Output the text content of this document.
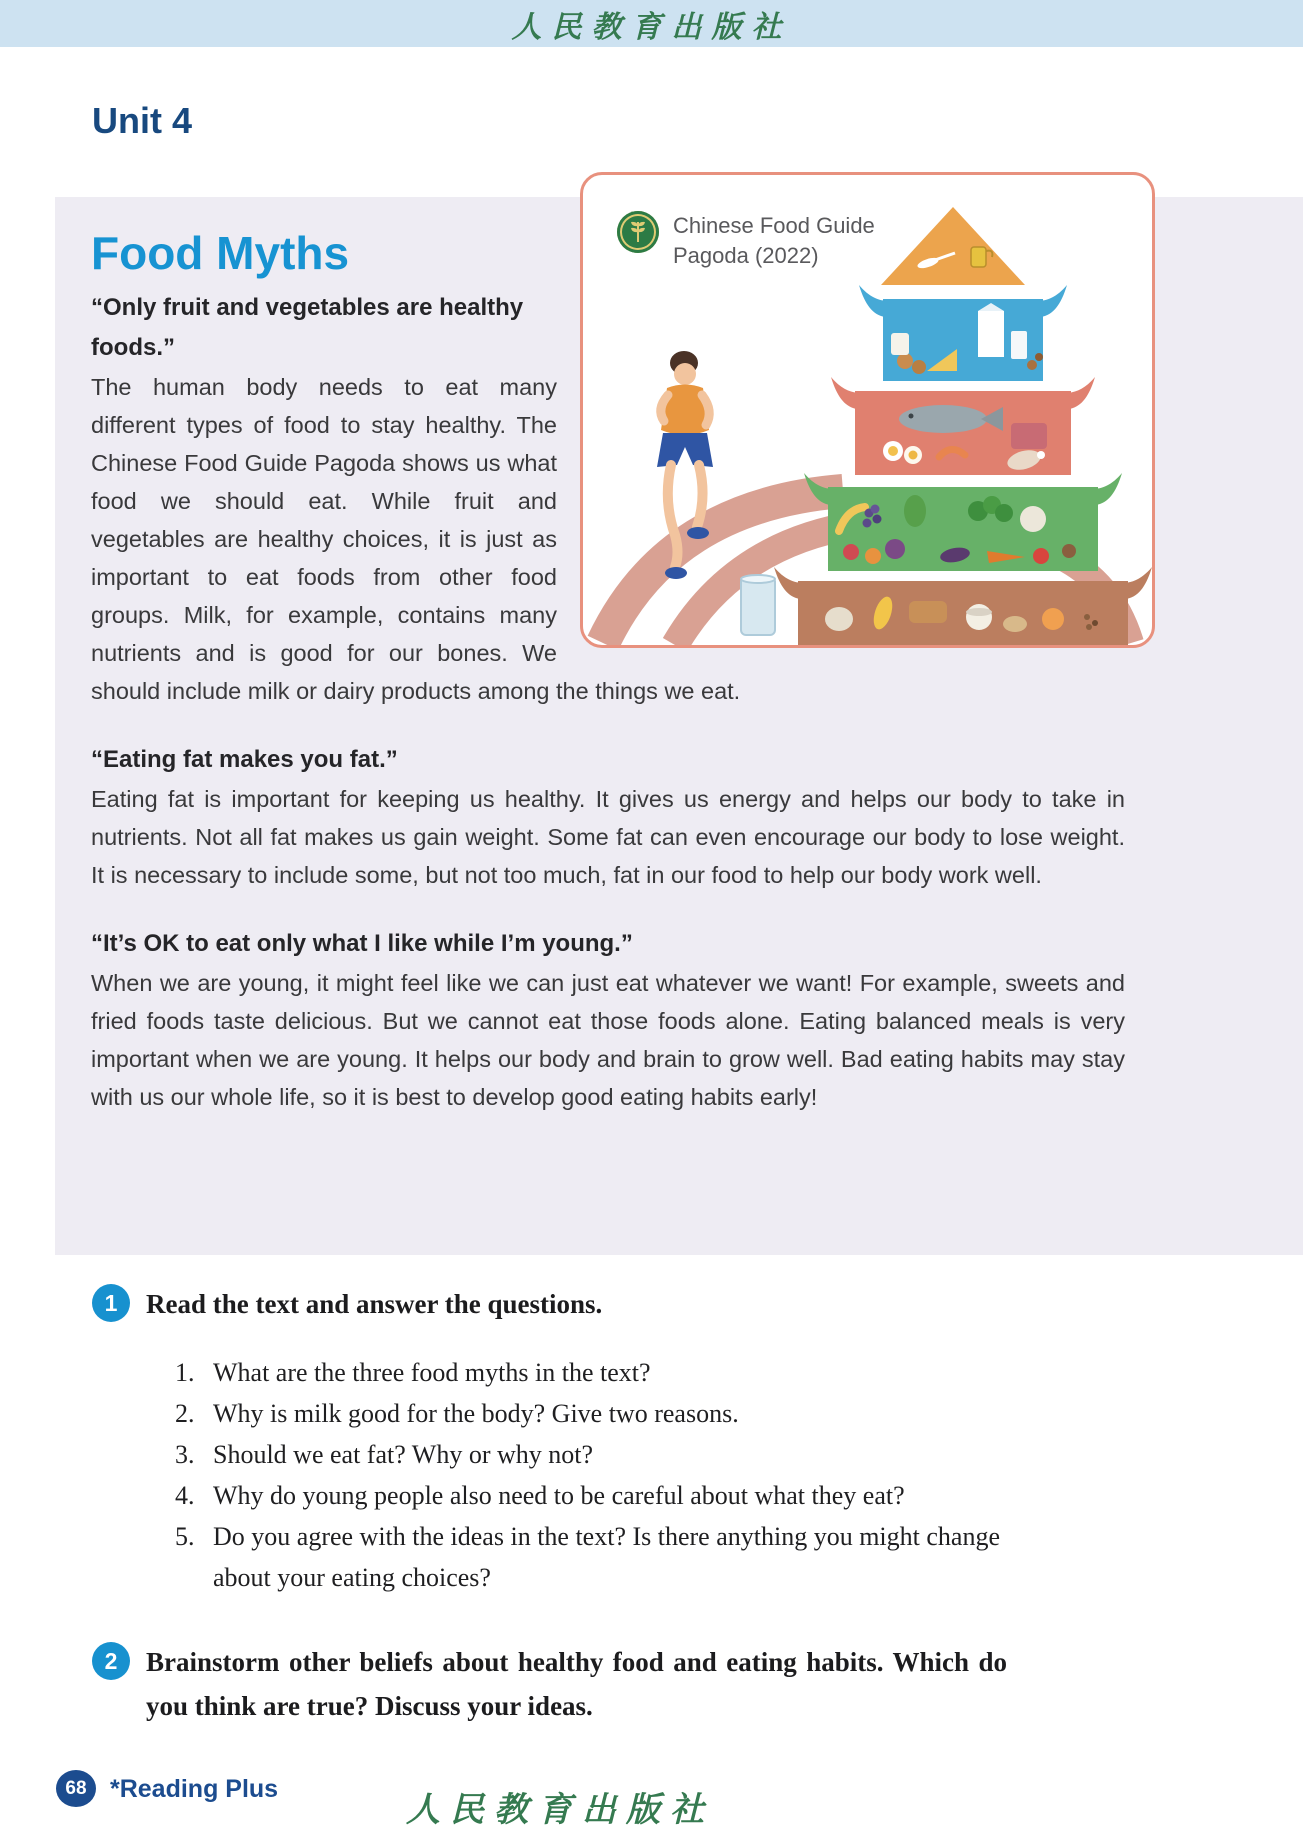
人民教育出版社
Unit 4
Food Myths
“Only fruit and vegetables are healthy foods.”

The human body needs to eat many different types of food to stay healthy. The Chinese Food Guide Pagoda shows us what food we should eat. While fruit and vegetables are healthy choices, it is just as important to eat foods from other food groups. Milk, for example, contains many nutrients and is good for our bones. We should include milk or dairy products among the things we eat.

“Eating fat makes you fat.”

Eating fat is important for keeping us healthy. It gives us energy and helps our body to take in nutrients. Not all fat makes us gain weight. Some fat can even encourage our body to lose weight. It is necessary to include some, but not too much, fat in our food to help our body work well.

“It’s OK to eat only what I like while I’m young.”

When we are young, it might feel like we can just eat whatever we want! For example, sweets and fried foods taste delicious. But we cannot eat those foods alone. Eating balanced meals is very important when we are young. It helps our body and brain to grow well. Bad eating habits may stay with us our whole life, so it is best to develop good eating habits early!

Chinese Food Guide
Pagoda (2022)
1	Read the text and answer the questions.

1. What are the three food myths in the text?
2. Why is milk good for the body? Give two reasons.
3. Should we eat fat? Why or why not?
4. Why do young people also need to be careful about what they eat?
5. Do you agree with the ideas in the text? Is there anything you might change about your eating choices?
2	Brainstorm other beliefs about healthy food and eating habits. Which do you think are true? Discuss your ideas.

68 *Reading Plus
人民教育出版社
